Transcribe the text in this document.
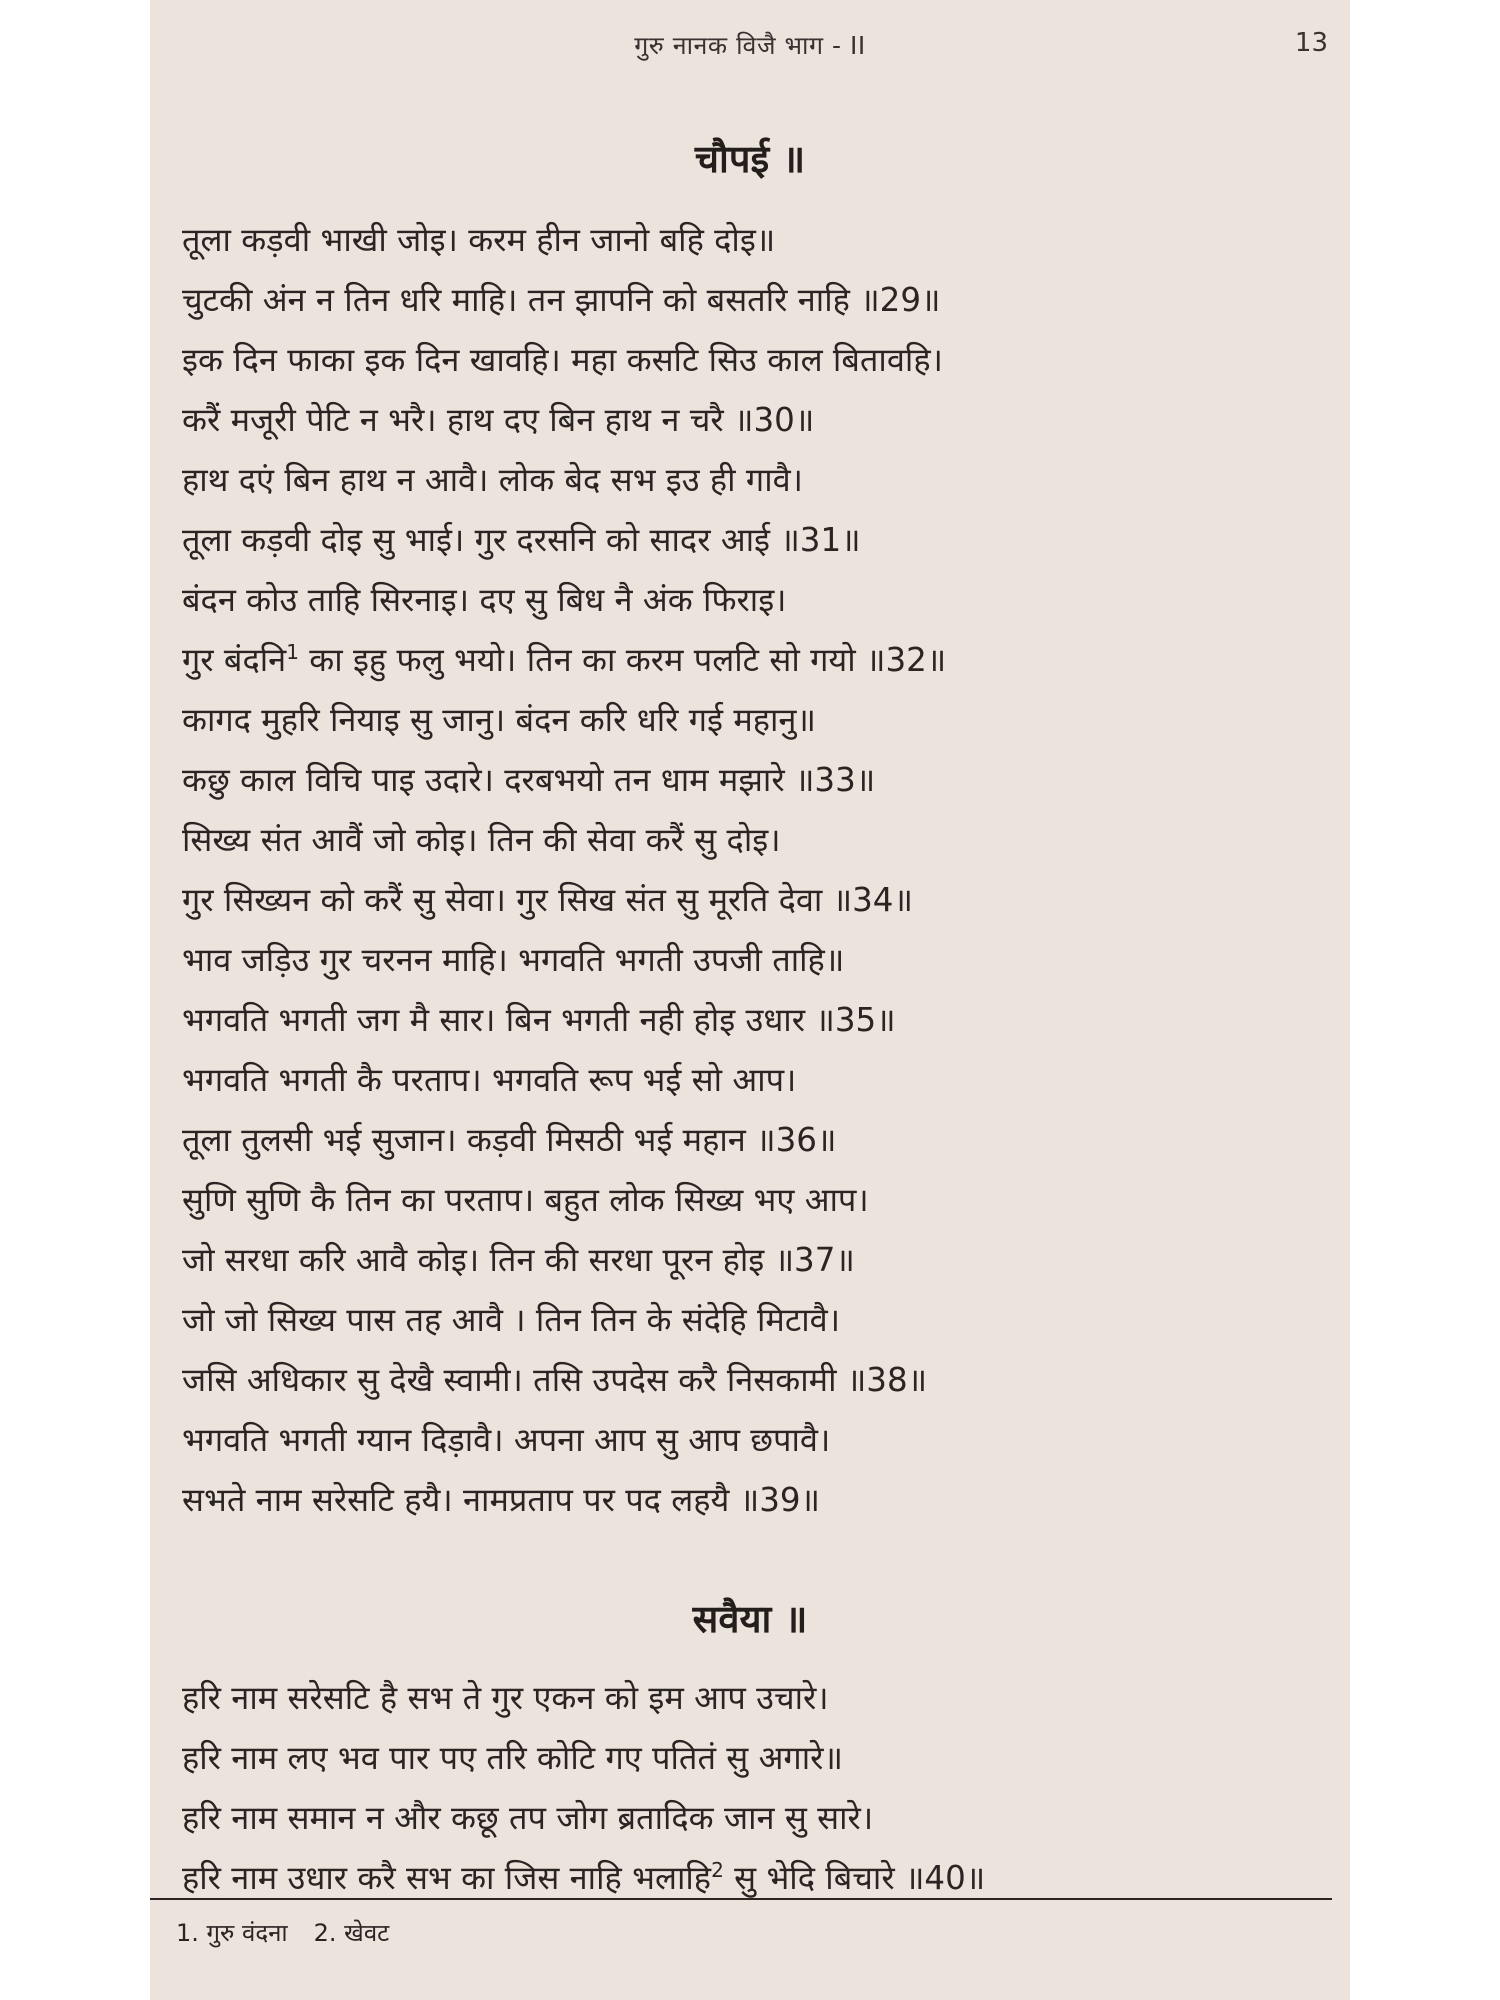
गुरु नानक विजै भाग - II	13
चौपई ॥
तूला कड़वी भाखी जोइ। करम हीन जानो बहि दोइ॥
चुटकी अंन न तिन धरि माहि। तन झापनि को बसतरि नाहि ॥29॥
इक दिन फाका इक दिन खावहि। महा कसटि सिउ काल बितावहि।
करैं मजूरी पेटि न भरै। हाथ दए बिन हाथ न चरै ॥30॥
हाथ दएं बिन हाथ न आवै। लोक बेद सभ इउ ही गावै।
तूला कड़वी दोइ सु भाई। गुर दरसनि को सादर आई ॥31॥
बंदन कोउ ताहि सिरनाइ। दए सु बिध नै अंक फिराइ।
गुर बंदनि$^1$ का इहु फलु भयो। तिन का करम पलटि सो गयो ॥32॥
कागद मुहरि नियाइ सु जानु। बंदन करि धरि गई महानु॥
कछु काल विचि पाइ उदारे। दरबभयो तन धाम मझारे ॥33॥
सिख्य संत आवैं जो कोइ। तिन की सेवा करैं सु दोइ।
गुर सिख्यन को करैं सु सेवा। गुर सिख संत सु मूरति देवा ॥34॥
भाव जड़िउ गुर चरनन माहि। भगवति भगती उपजी ताहि॥
भगवति भगती जग मै सार। बिन भगती नही होइ उधार ॥35॥
भगवति भगती कै परताप। भगवति रूप भई सो आप।
तूला तुलसी भई सुजान। कड़वी मिसठी भई महान ॥36॥
सुणि सुणि कै तिन का परताप। बहुत लोक सिख्य भए आप।
जो सरधा करि आवै कोइ। तिन की सरधा पूरन होइ ॥37॥
जो जो सिख्य पास तह आवै । तिन तिन के संदेहि मिटावै।
जसि अधिकार सु देखै स्वामी। तसि उपदेस करै निसकामी ॥38॥
भगवति भगती ग्यान दिड़ावै। अपना आप सु आप छपावै।
सभते नाम सरेसटि हयै। नामप्रताप पर पद लहयै ॥39॥
सवैया ॥
हरि नाम सरेसटि है सभ ते गुर एकन को इम आप उचारे।
हरि नाम लए भव पार पए तरि कोटि गए पतितं सु अगारे॥
हरि नाम समान न और कछू तप जोग ब्रतादिक जान सु सारे।
हरि नाम उधार करै सभ का जिस नाहि भलाहि$^2$ सु भेदि बिचारे ॥40॥
1. गुरु वंदना 2. खेवट
